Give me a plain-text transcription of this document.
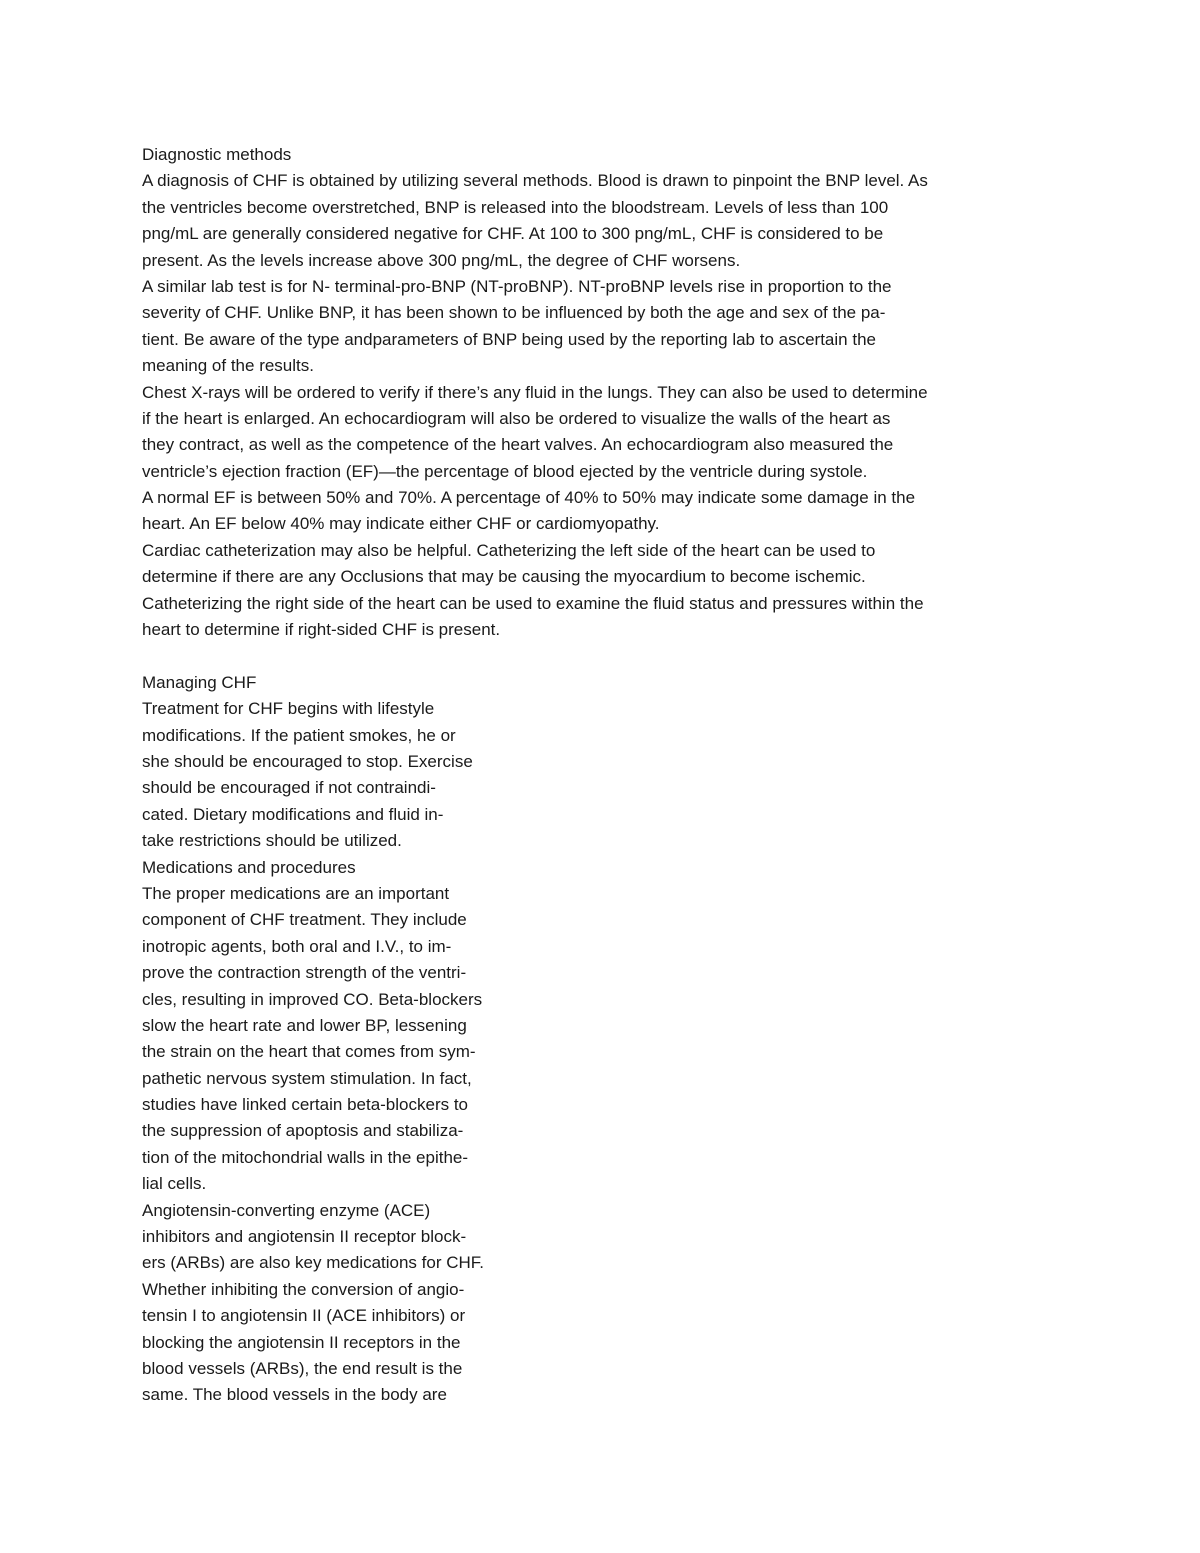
Diagnostic methods
A diagnosis of CHF is obtained by utilizing several methods. Blood is drawn to pinpoint the BNP level. As
the ventricles become overstretched, BNP is released into the bloodstream. Levels of less than 100
png/mL are generally considered negative for CHF. At 100 to 300 png/mL, CHF is considered to be
present. As the levels increase above 300 png/mL, the degree of CHF worsens.
A similar lab test is for N- terminal-pro-BNP (NT-proBNP). NT-proBNP levels rise in proportion to the
severity of CHF. Unlike BNP, it has been shown to be influenced by both the age and sex of the pa-
tient. Be aware of the type andparameters of BNP being used by the reporting lab to ascertain the
meaning of the results.
Chest X-rays will be ordered to verify if there’s any fluid in the lungs. They can also be used to determine
if the heart is enlarged. An echocardiogram will also be ordered to visualize the walls of the heart as
they contract, as well as the competence of the heart valves. An echocardiogram also measured the
ventricle’s ejection fraction (EF)—the percentage of blood ejected by the ventricle during systole.
A normal EF is between 50% and 70%. A percentage of 40% to 50% may indicate some damage in the
heart. An EF below 40% may indicate either CHF or cardiomyopathy.
Cardiac catheterization may also be helpful. Catheterizing the left side of the heart can be used to
determine if there are any Occlusions that may be causing the myocardium to become ischemic.
Catheterizing the right side of the heart can be used to examine the fluid status and pressures within the
heart to determine if right-sided CHF is present.
Managing CHF
Treatment for CHF begins with lifestyle
modifications. If the patient smokes, he or
she should be encouraged to stop. Exercise
should be encouraged if not contraindi-
cated. Dietary modifications and fluid in-
take restrictions should be utilized.
Medications and procedures
The proper medications are an important
component of CHF treatment. They include
inotropic agents, both oral and I.V., to im-
prove the contraction strength of the ventri-
cles, resulting in improved CO. Beta-blockers
slow the heart rate and lower BP, lessening
the strain on the heart that comes from sym-
pathetic nervous system stimulation. In fact,
studies have linked certain beta-blockers to
the suppression of apoptosis and stabiliza-
tion of the mitochondrial walls in the epithe-
lial cells.
Angiotensin-converting enzyme (ACE)
inhibitors and angiotensin II receptor block-
ers (ARBs) are also key medications for CHF.
Whether inhibiting the conversion of angio-
tensin I to angiotensin II (ACE inhibitors) or
blocking the angiotensin II receptors in the
blood vessels (ARBs), the end result is the
same. The blood vessels in the body are
